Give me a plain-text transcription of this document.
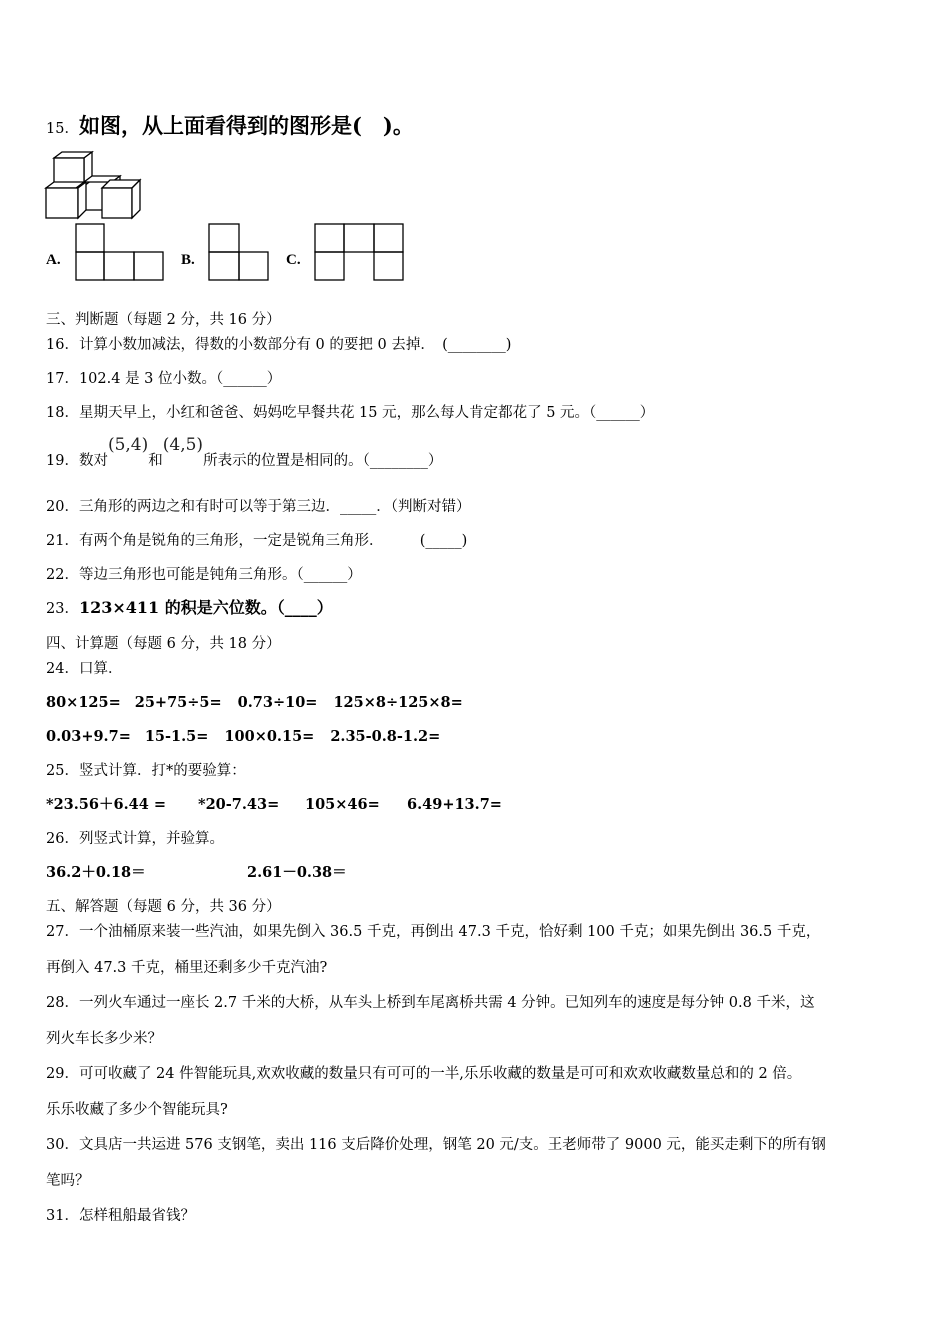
15．如图，从上面看得到的图形是(　)。
A.	B.	C.
三、判断题（每题 2 分，共 16 分）
16．计算小数加减法，得数的小数部分有 0 的要把 0 去掉．　(________)
17．102.4 是 3 位小数。（______）
18．星期天早上，小红和爸爸、妈妈吃早餐共花 15 元，那么每人肯定都花了 5 元。（______）
19．数对(5,4)和(4,5)所表示的位置是相同的。（________）
20．三角形的两边之和有时可以等于第三边．_____．（判断对错）
21．有两个角是锐角的三角形，一定是锐角三角形．　　　(_____)
22．等边三角形也可能是钝角三角形。（______）
23．123×411 的积是六位数。（____）
四、计算题（每题 6 分，共 18 分）
24．口算．
80×125= 25+75÷5= 0.73÷10= 125×8÷125×8=
0.03+9.7= 15-1.5= 100×0.15= 2.35-0.8-1.2=
25．竖式计算．打*的要验算：
*23.56＋6.44 = *20-7.43= 105×46= 6.49+13.7=
26．列竖式计算，并验算。
36.2＋0.18＝	2.61－0.38＝
五、解答题（每题 6 分，共 36 分）
27．一个油桶原来装一些汽油，如果先倒入 36.5 千克，再倒出 47.3 千克，恰好剩 100 千克；如果先倒出 36.5 千克，
再倒入 47.3 千克，桶里还剩多少千克汽油?
28．一列火车通过一座长 2.7 千米的大桥，从车头上桥到车尾离桥共需 4 分钟。已知列车的速度是每分钟 0.8 千米，这
列火车长多少米？
29．可可收藏了 24 件智能玩具,欢欢收藏的数量只有可可的一半,乐乐收藏的数量是可可和欢欢收藏数量总和的 2 倍。
乐乐收藏了多少个智能玩具?
30．文具店一共运进 576 支钢笔，卖出 116 支后降价处理，钢笔 20 元/支。王老师带了 9000 元，能买走剩下的所有钢
笔吗？
31．怎样租船最省钱？
